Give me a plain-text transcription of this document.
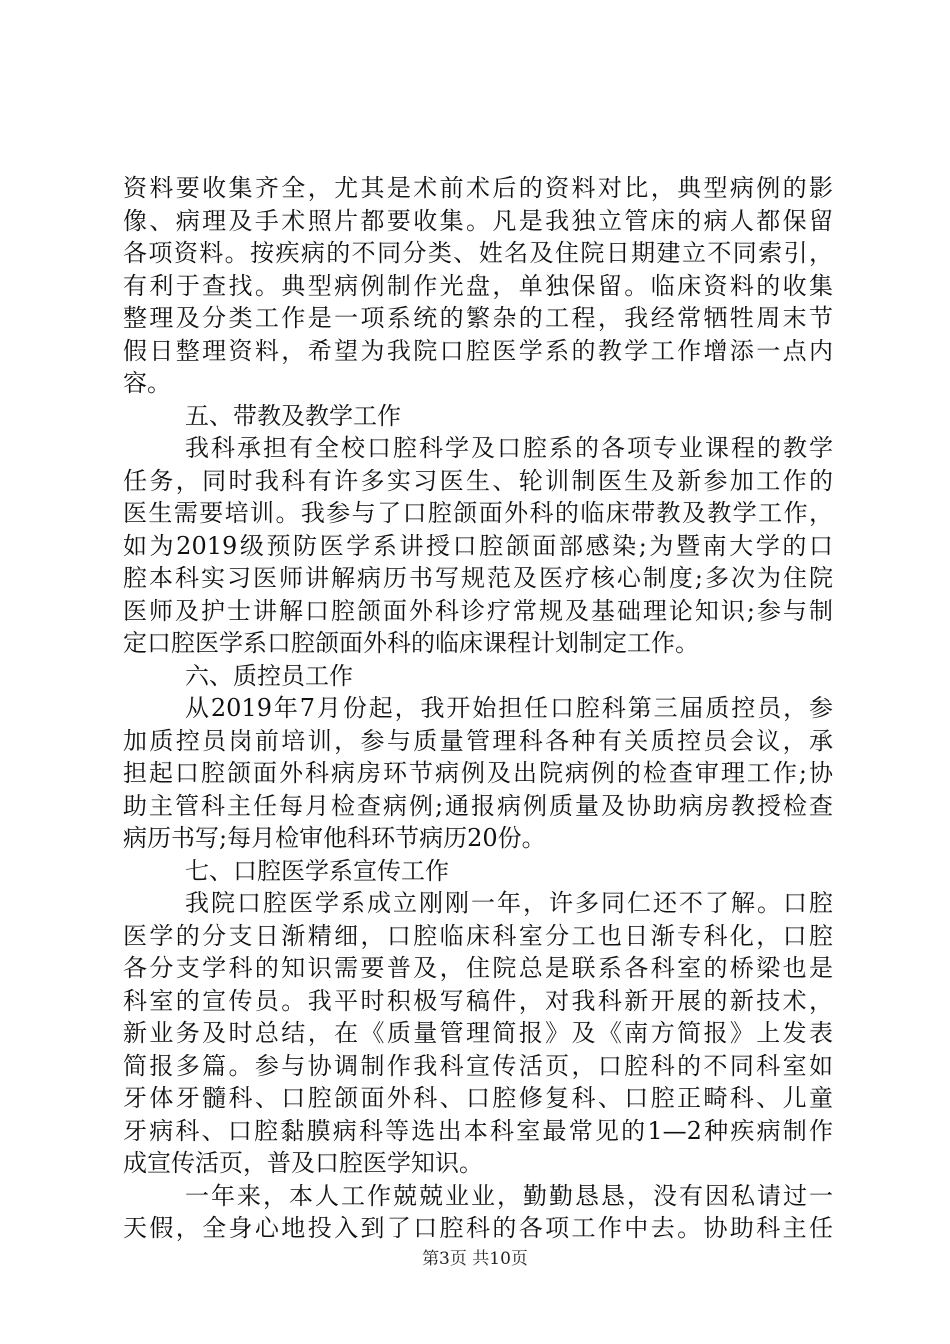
资料要收集齐全，尤其是术前术后的资料对比，典型病例的影
像、病理及手术照片都要收集。凡是我独立管床的病人都保留
各项资料。按疾病的不同分类、姓名及住院日期建立不同索引，
有利于查找。典型病例制作光盘，单独保留。临床资料的收集
整理及分类工作是一项系统的繁杂的工程，我经常牺牲周末节
假日整理资料，希望为我院口腔医学系的教学工作增添一点内
容。
五、带教及教学工作
我科承担有全校口腔科学及口腔系的各项专业课程的教学
任务，同时我科有许多实习医生、轮训制医生及新参加工作的
医生需要培训。我参与了口腔颌面外科的临床带教及教学工作，
如为2019级预防医学系讲授口腔颌面部感染;为暨南大学的口
腔本科实习医师讲解病历书写规范及医疗核心制度;多次为住院
医师及护士讲解口腔颌面外科诊疗常规及基础理论知识;参与制
定口腔医学系口腔颌面外科的临床课程计划制定工作。
六、质控员工作
从2019年7月份起，我开始担任口腔科第三届质控员，参
加质控员岗前培训，参与质量管理科各种有关质控员会议，承
担起口腔颌面外科病房环节病例及出院病例的检查审理工作;协
助主管科主任每月检查病例;通报病例质量及协助病房教授检查
病历书写;每月检审他科环节病历20份。
七、口腔医学系宣传工作
我院口腔医学系成立刚刚一年，许多同仁还不了解。口腔
医学的分支日渐精细，口腔临床科室分工也日渐专科化，口腔
各分支学科的知识需要普及，住院总是联系各科室的桥梁也是
科室的宣传员。我平时积极写稿件，对我科新开展的新技术，
新业务及时总结，在《质量管理简报》及《南方简报》上发表
简报多篇。参与协调制作我科宣传活页，口腔科的不同科室如
牙体牙髓科、口腔颌面外科、口腔修复科、口腔正畸科、儿童
牙病科、口腔黏膜病科等选出本科室最常见的1—2种疾病制作
成宣传活页，普及口腔医学知识。
一年来，本人工作兢兢业业，勤勤恳恳，没有因私请过一
天假，全身心地投入到了口腔科的各项工作中去。协助科主任
第3页 共10页
